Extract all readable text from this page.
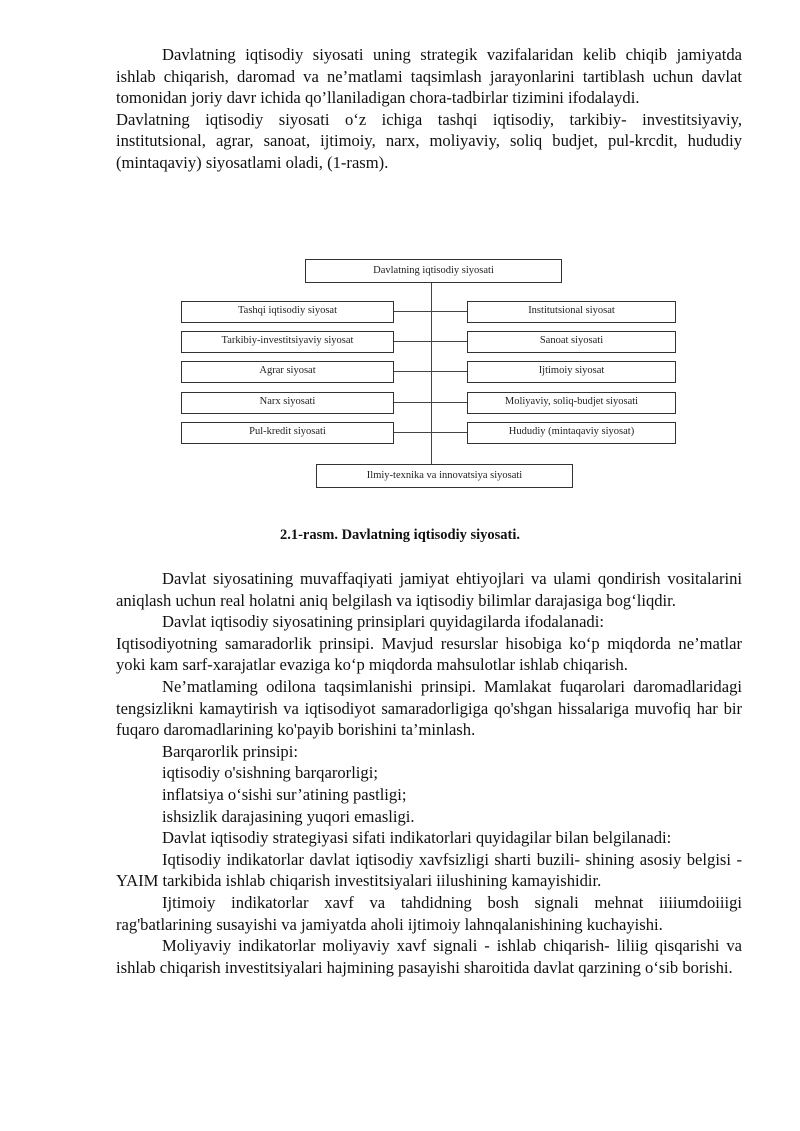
Davlatning iqtisodiy siyosati uning strategik vazifalaridan kelib chiqib jamiyatda ishlab chiqarish, daromad va ne’matlami taqsimlash jarayonlarini tartiblash uchun davlat tomonidan joriy davr ichida qo’llaniladigan chora-tadbirlar tizimini ifodalaydi.

Davlatning iqtisodiy siyosati o‘z ichiga tashqi iqtisodiy, tarkibiy- investitsiyaviy, institutsional, agrar, sanoat, ijtimoiy, narx, moliyaviy, soliq budjet, pul-krcdit, hududiy (mintaqaviy) siyosatlami oladi, (1-rasm).

Davlatning iqtisodiy siyosati
Tashqi iqtisodiy siyosat
Tarkibiy-investitsiyaviy siyosat
Agrar siyosat
Narx siyosati
Pul-kredit siyosati
Institutsional siyosat
Sanoat siyosati
Ijtimoiy siyosat
Moliyaviy, soliq-budjet siyosati
Hududiy (mintaqaviy siyosat)
Ilmiy-texnika va innovatsiya siyosati
2.1-rasm. Davlatning iqtisodiy siyosati.

Davlat siyosatining muvaffaqiyati jamiyat ehtiyojlari va ulami qondirish vositalarini aniqlash uchun real holatni aniq belgilash va iqtisodiy bilimlar darajasiga bog‘liqdir.

Davlat iqtisodiy siyosatining prinsiplari quyidagilarda ifodalanadi:

Iqtisodiyotning samaradorlik prinsipi. Mavjud resurslar hisobiga ko‘p miqdorda ne’matlar yoki kam sarf-xarajatlar evaziga ko‘p miqdorda mahsulotlar ishlab chiqarish.

Ne’matlaming odilona taqsimlanishi prinsipi. Mamlakat fuqarolari daromadlaridagi tengsizlikni kamaytirish va iqtisodiyot samaradorligiga qo'shgan hissalariga muvofiq har bir fuqaro daromadlarining ko'payib borishini ta’minlash.

Barqarorlik prinsipi:

iqtisodiy o'sishning barqarorligi;

inflatsiya o‘sishi sur’atining pastligi;

ishsizlik darajasining yuqori emasligi.

Davlat iqtisodiy strategiyasi sifati indikatorlari quyidagilar bilan belgilanadi:

Iqtisodiy indikatorlar davlat iqtisodiy xavfsizligi sharti buzili- shining asosiy belgisi - YAIM tarkibida ishlab chiqarish investitsiyalari iilushining kamayishidir.

Ijtimoiy indikatorlar xavf va tahdidning bosh signali mehnat iiiiumdoiiigi rag'batlarining susayishi va jamiyatda aholi ijtimoiy lahnqalanishining kuchayishi.

Moliyaviy indikatorlar moliyaviy xavf signali - ishlab chiqarish- liliig qisqarishi va ishlab chiqarish investitsiyalari hajmining pasayishi sharoitida davlat qarzining o‘sib borishi.
